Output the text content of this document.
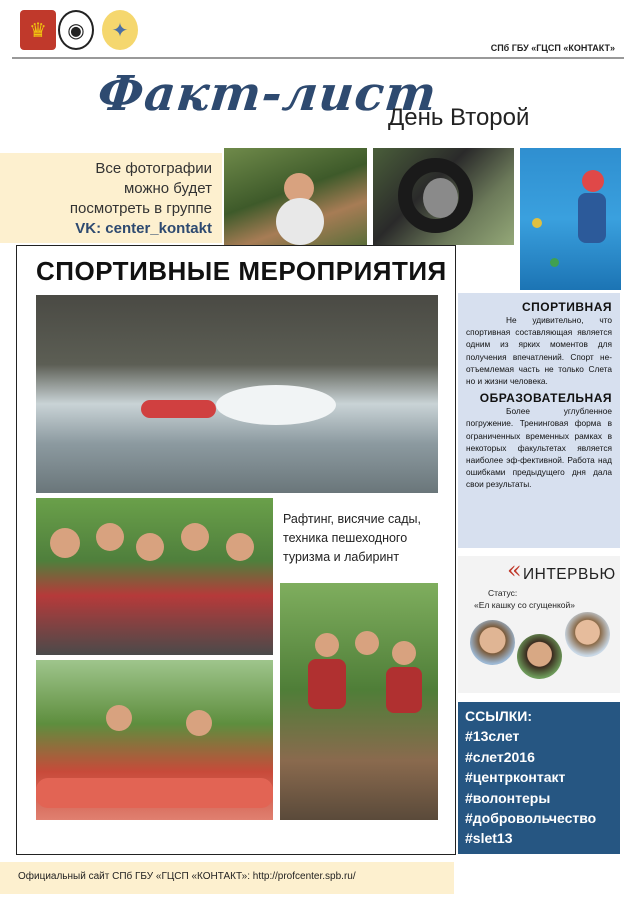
♛	◉	✦
СПб ГБУ «ГЦСП «КОНТАКТ»
Факт-лист
День Второй
Все фотографии
можно будет
посмотреть в группе
VK: center_kontakt
СПОРТИВНЫЕ МЕРОПРИЯТИЯ
Рафтинг, висячие сады, техника пешеходного туризма и лабиринт
СПОРТИВНАЯ

Не удивительно, что спортивная составляющая является одним из ярких моментов для получения впечатлений. Спорт не-отъемлемая часть не только Слета но и жизни человека.

ОБРАЗОВАТЕЛЬНАЯ

Более углубленное погружение. Тренинговая форма в ограниченных временных рамках в некоторых факультетах является наиболее эф-фективной. Работа над ошибками предыдущего дня дала свои результаты.

« ИНТЕРВЬЮ
Статус:
«Ел кашку со сгущенкой»
ССЫЛКИ:
#13слет
#слет2016
#центрконтакт
#волонтеры
#добровольчество
#slet13
Официальный сайт СПб ГБУ «ГЦСП «КОНТАКТ»: http://profcenter.spb.ru/
